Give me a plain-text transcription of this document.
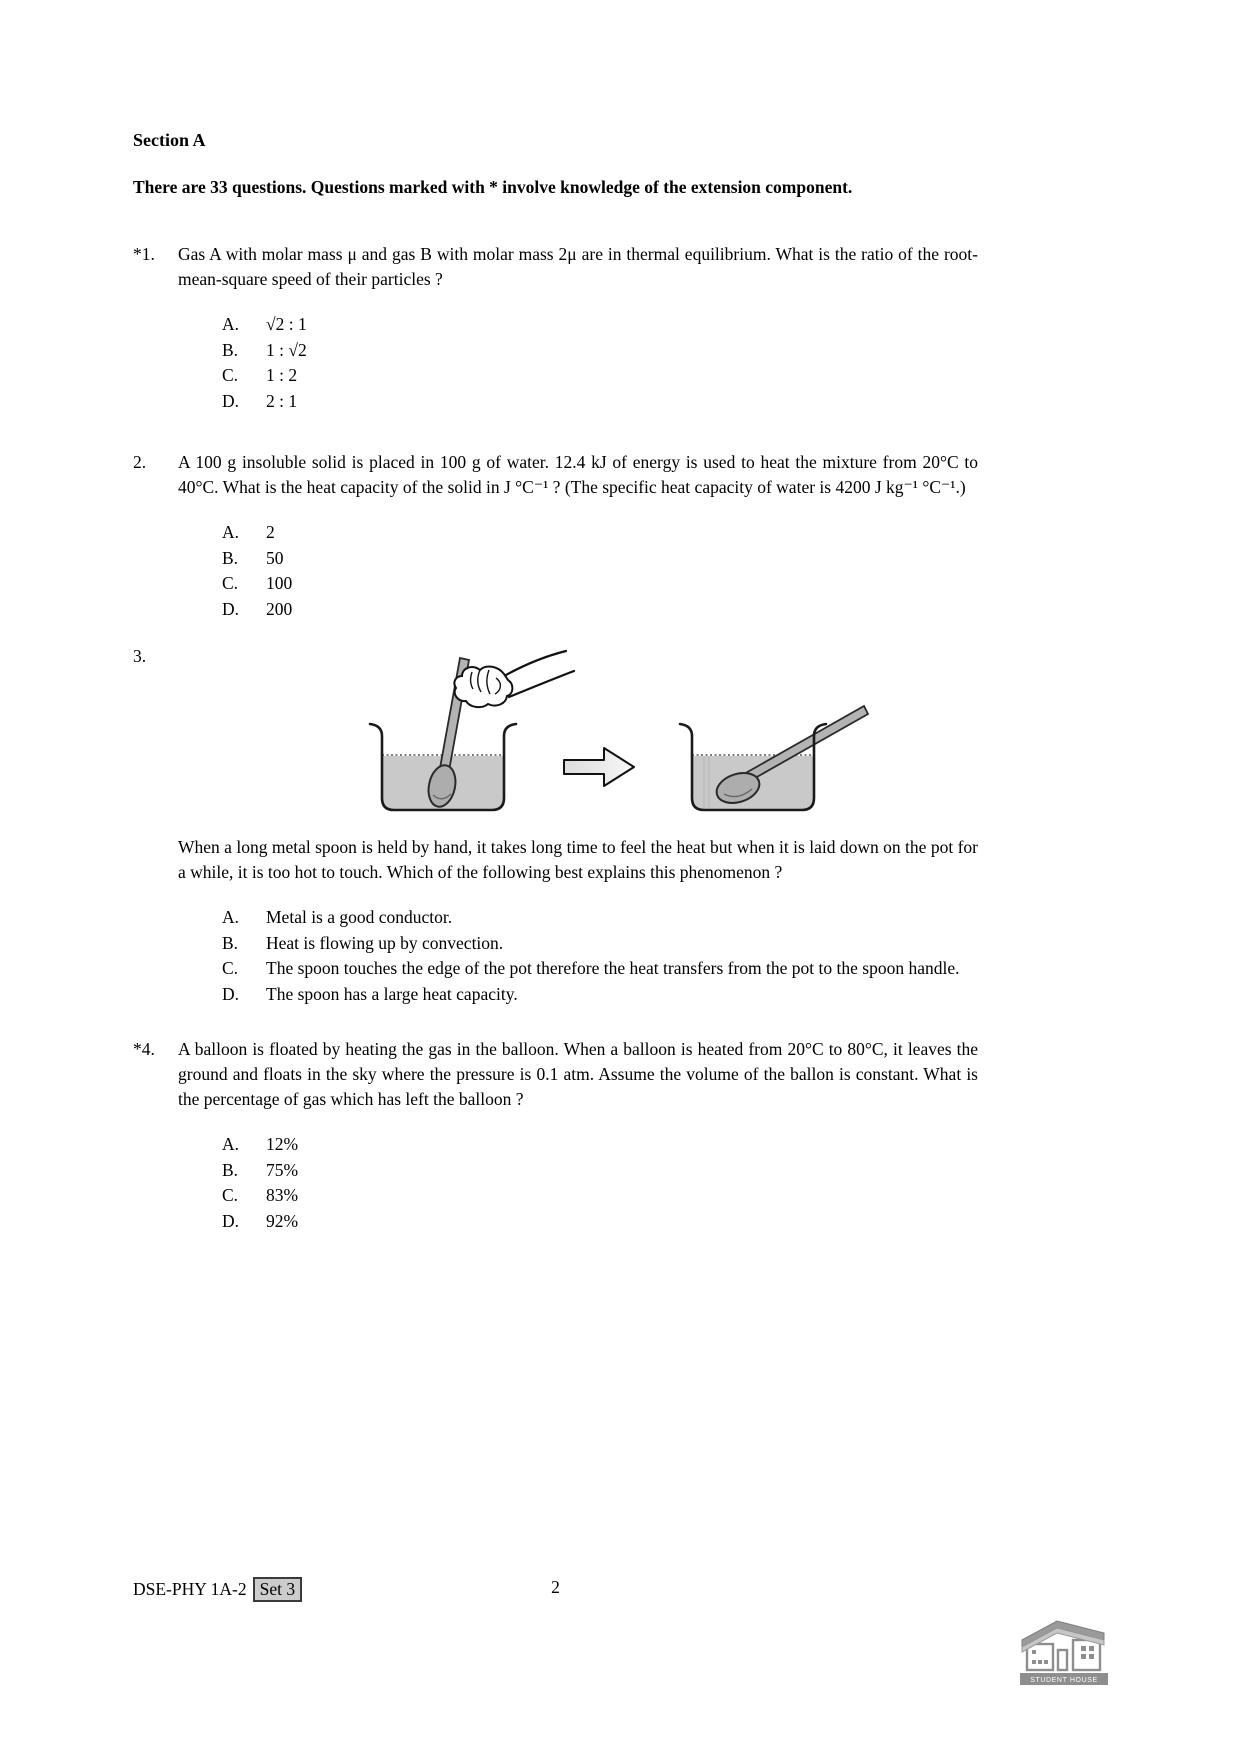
Section A
There are 33 questions. Questions marked with * involve knowledge of the extension component.
*1.	Gas A with molar mass μ and gas B with molar mass 2μ are in thermal equilibrium. What is the ratio of the root-mean-square speed of their particles ?

A.	√2 : 1
B.	1 : √2
C.	1 : 2
D.	2 : 1
2.	A 100 g insoluble solid is placed in 100 g of water. 12.4 kJ of energy is used to heat the mixture from 20°C to 40°C. What is the heat capacity of the solid in J °C⁻¹ ? (The specific heat capacity of water is 4200 J kg⁻¹ °C⁻¹.)

A.	2
B.	50
C.	100
D.	200
3.

When a long metal spoon is held by hand, it takes long time to feel the heat but when it is laid down on the pot for a while, it is too hot to touch. Which of the following best explains this phenomenon ?

A.	Metal is a good conductor.
B.	Heat is flowing up by convection.
C.	The spoon touches the edge of the pot therefore the heat transfers from the pot to the spoon handle.
D.	The spoon has a large heat capacity.
*4.	A balloon is floated by heating the gas in the balloon. When a balloon is heated from 20°C to 80°C, it leaves the ground and floats in the sky where the pressure is 0.1 atm. Assume the volume of the ballon is constant. What is the percentage of gas which has left the balloon ?

A.	12%
B.	75%
C.	83%
D.	92%
DSE-PHY 1A-2 Set 3	2
STUDENT HOUSE
